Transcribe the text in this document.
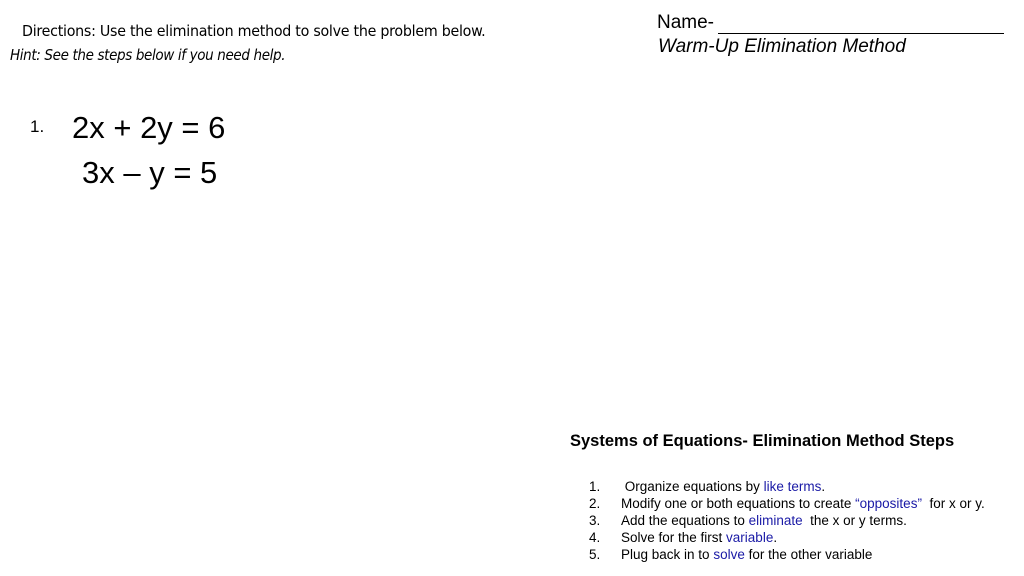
Directions: Use the elimination method to solve the problem below.
Hint: See the steps below if you need help.
Name-
Warm-Up Elimination Method
1. 2x + 2y = 6
3x – y = 5
Systems of Equations- Elimination Method Steps
1.	Organize equations by like terms.
2.	Modify one or both equations to create “opposites”  for x or y.
3.	Add the equations to eliminate  the x or y terms.
4.	Solve for the first variable.
5.	Plug back in to solve for the other variable
